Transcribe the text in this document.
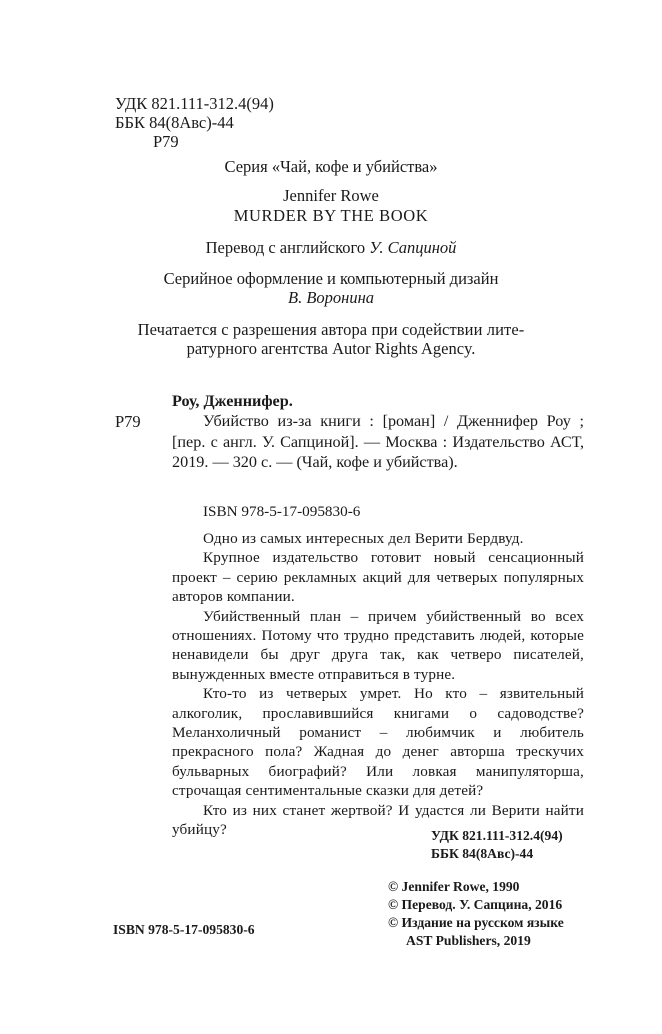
УДК 821.111-312.4(94)
ББК 84(8Авс)-44
Р79
Серия «Чай, кофе и убийства»
Jennifer Rowe
MURDER BY THE BOOK
Перевод с английского У. Сапциной
Серийное оформление и компьютерный дизайн
В. Воронина
Печатается с разрешения автора при содействии лите-
ратурного агентства Autor Rights Agency.
Р79

Роу, Дженнифер.

Убийство из-за книги : [роман] / Дженнифер Роу ; [пер. с англ. У. Сапциной]. — Москва : Издательство АСТ, 2019. — 320 с. — (Чай, кофе и убийства).

ISBN 978-5-17-095830-6

Одно из самых интересных дел Верити Бердвуд.

Крупное издательство готовит новый сенсационный проект – серию рекламных акций для четверых популярных авторов компании.

Убийственный план – причем убийственный во всех отношениях. Потому что трудно представить людей, которые ненавидели бы друг друга так, как четверо писателей, вынужденных вместе отправиться в турне.

Кто-то из четверых умрет. Но кто – язвительный алкоголик, прославившийся книгами о садоводстве? Меланхоличный романист – любимчик и любитель прекрасного пола? Жадная до денег авторша трескучих бульварных биографий? Или ловкая манипуляторша, строчащая сентиментальные сказки для детей?

Кто из них станет жертвой? И удастся ли Верити найти убийцу?	УДК 821.111-312.4(94)
ББК 84(8Авс)-44
© Jennifer Rowe, 1990
© Перевод. У. Сапцина, 2016
© Издание на русском языке
AST Publishers, 2019
ISBN 978-5-17-095830-6
